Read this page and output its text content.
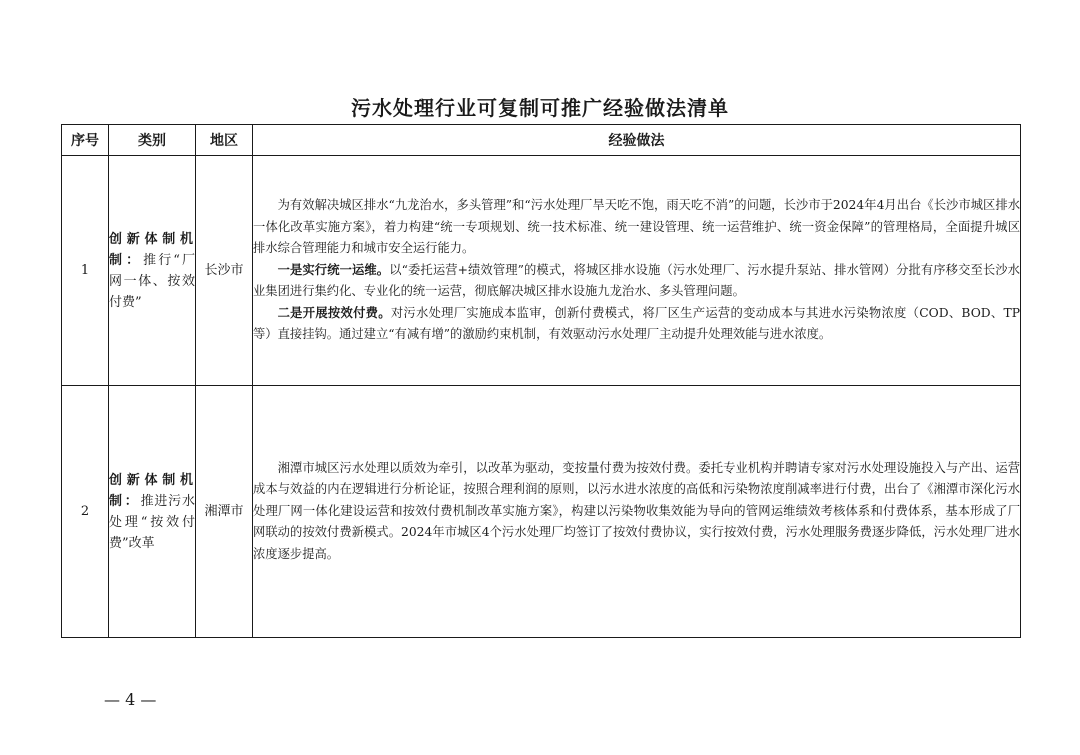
污水处理行业可复制可推广经验做法清单
序号	类别	地区	经验做法
1	创新体制机制：推行“厂网一体、按效付费”	长沙市	为有效解决城区排水“九龙治水，多头管理”和“污水处理厂旱天吃不饱，雨天吃不消”的问题，长沙市于2024年4月出台《长沙市城区排水一体化改革实施方案》，着力构建“统一专项规划、统一技术标准、统一建设管理、统一运营维护、统一资金保障”的管理格局，全面提升城区排水综合管理能力和城市安全运行能力。

一是实行统一运维。以“委托运营+绩效管理”的模式，将城区排水设施（污水处理厂、污水提升泵站、排水管网）分批有序移交至长沙水业集团进行集约化、专业化的统一运营，彻底解决城区排水设施九龙治水、多头管理问题。

二是开展按效付费。对污水处理厂实施成本监审，创新付费模式，将厂区生产运营的变动成本与其进水污染物浓度（COD、BOD、TP等）直接挂钩。通过建立“有减有增”的激励约束机制，有效驱动污水处理厂主动提升处理效能与进水浓度。

2	创新体制机制：推进污水处理“按效付费”改革	湘潭市	湘潭市城区污水处理以质效为牵引，以改革为驱动，变按量付费为按效付费。委托专业机构并聘请专家对污水处理设施投入与产出、运营成本与效益的内在逻辑进行分析论证，按照合理利润的原则，以污水进水浓度的高低和污染物浓度削减率进行付费，出台了《湘潭市深化污水处理厂网一体化建设运营和按效付费机制改革实施方案》，构建以污染物收集效能为导向的管网运维绩效考核体系和付费体系，基本形成了厂网联动的按效付费新模式。2024年市城区4个污水处理厂均签订了按效付费协议，实行按效付费，污水处理服务费逐步降低，污水处理厂进水浓度逐步提高。

— 4 —
